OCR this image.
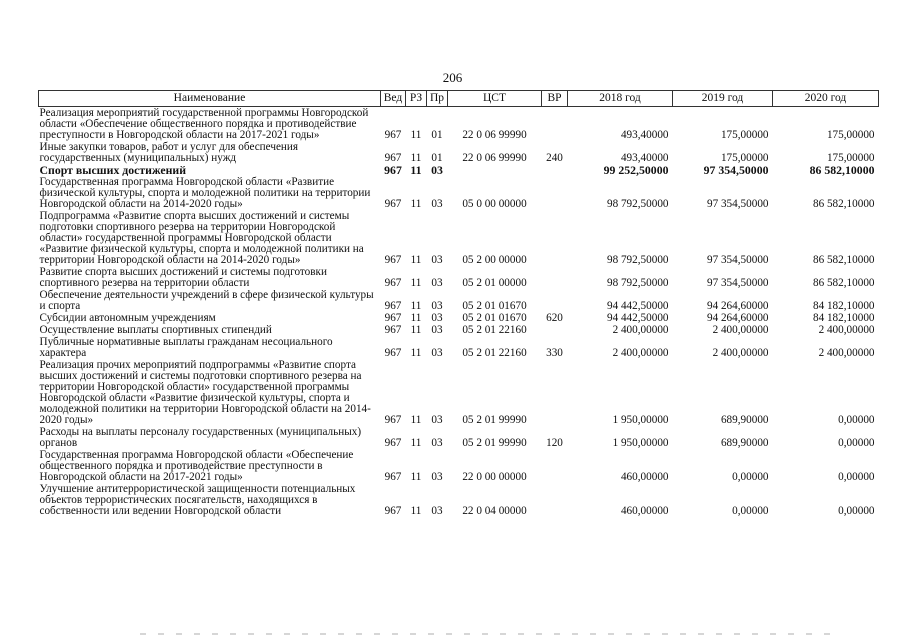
206
Наименование	Вед	РЗ	Пр	ЦСТ	ВР	2018 год	2019 год	2020 год
Реализация мероприятий государственной программы Новгородской области «Обеспечение общественного порядка и противодействие преступности в Новгородской области на 2017-2021 годы»	967	11	01	22 0 06 99990		493,40000	175,00000	175,00000
Иные закупки товаров, работ и услуг для обеспечения государственных (муниципальных) нужд	967	11	01	22 0 06 99990	240	493,40000	175,00000	175,00000
Спорт высших достижений	967	11	03			99 252,50000	97 354,50000	86 582,10000
Государственная программа Новгородской области «Развитие физической культуры, спорта и молодежной политики на территории Новгородской области на 2014-2020 годы»	967	11	03	05 0 00 00000		98 792,50000	97 354,50000	86 582,10000
Подпрограмма «Развитие спорта высших достижений и системы подготовки спортивного резерва на территории Новгородской области» государственной программы Новгородской области «Развитие физической культуры, спорта и молодежной политики на территории Новгородской области на 2014-2020 годы»	967	11	03	05 2 00 00000		98 792,50000	97 354,50000	86 582,10000
Развитие спорта высших достижений и системы подготовки спортивного резерва на территории области	967	11	03	05 2 01 00000		98 792,50000	97 354,50000	86 582,10000
Обеспечение деятельности учреждений в сфере физической культуры и спорта	967	11	03	05 2 01 01670		94 442,50000	94 264,60000	84 182,10000
Субсидии автономным учреждениям	967	11	03	05 2 01 01670	620	94 442,50000	94 264,60000	84 182,10000
Осуществление выплаты спортивных стипендий	967	11	03	05 2 01 22160		2 400,00000	2 400,00000	2 400,00000
Публичные нормативные выплаты гражданам несоциального характера	967	11	03	05 2 01 22160	330	2 400,00000	2 400,00000	2 400,00000
Реализация прочих мероприятий подпрограммы «Развитие спорта высших достижений и системы подготовки спортивного резерва на территории Новгородской области» государственной программы Новгородской области «Развитие физической культуры, спорта и молодежной политики на территории Новгородской области на 2014-2020 годы»	967	11	03	05 2 01 99990		1 950,00000	689,90000	0,00000
Расходы на выплаты персоналу государственных (муниципальных) органов	967	11	03	05 2 01 99990	120	1 950,00000	689,90000	0,00000
Государственная программа Новгородской области «Обеспечение общественного порядка и противодействие преступности в Новгородской области на 2017-2021 годы»	967	11	03	22 0 00 00000		460,00000	0,00000	0,00000
Улучшение антитеррористической защищенности потенциальных объектов террористических посягательств, находящихся в собственности или ведении Новгородской области	967	11	03	22 0 04 00000		460,00000	0,00000	0,00000
